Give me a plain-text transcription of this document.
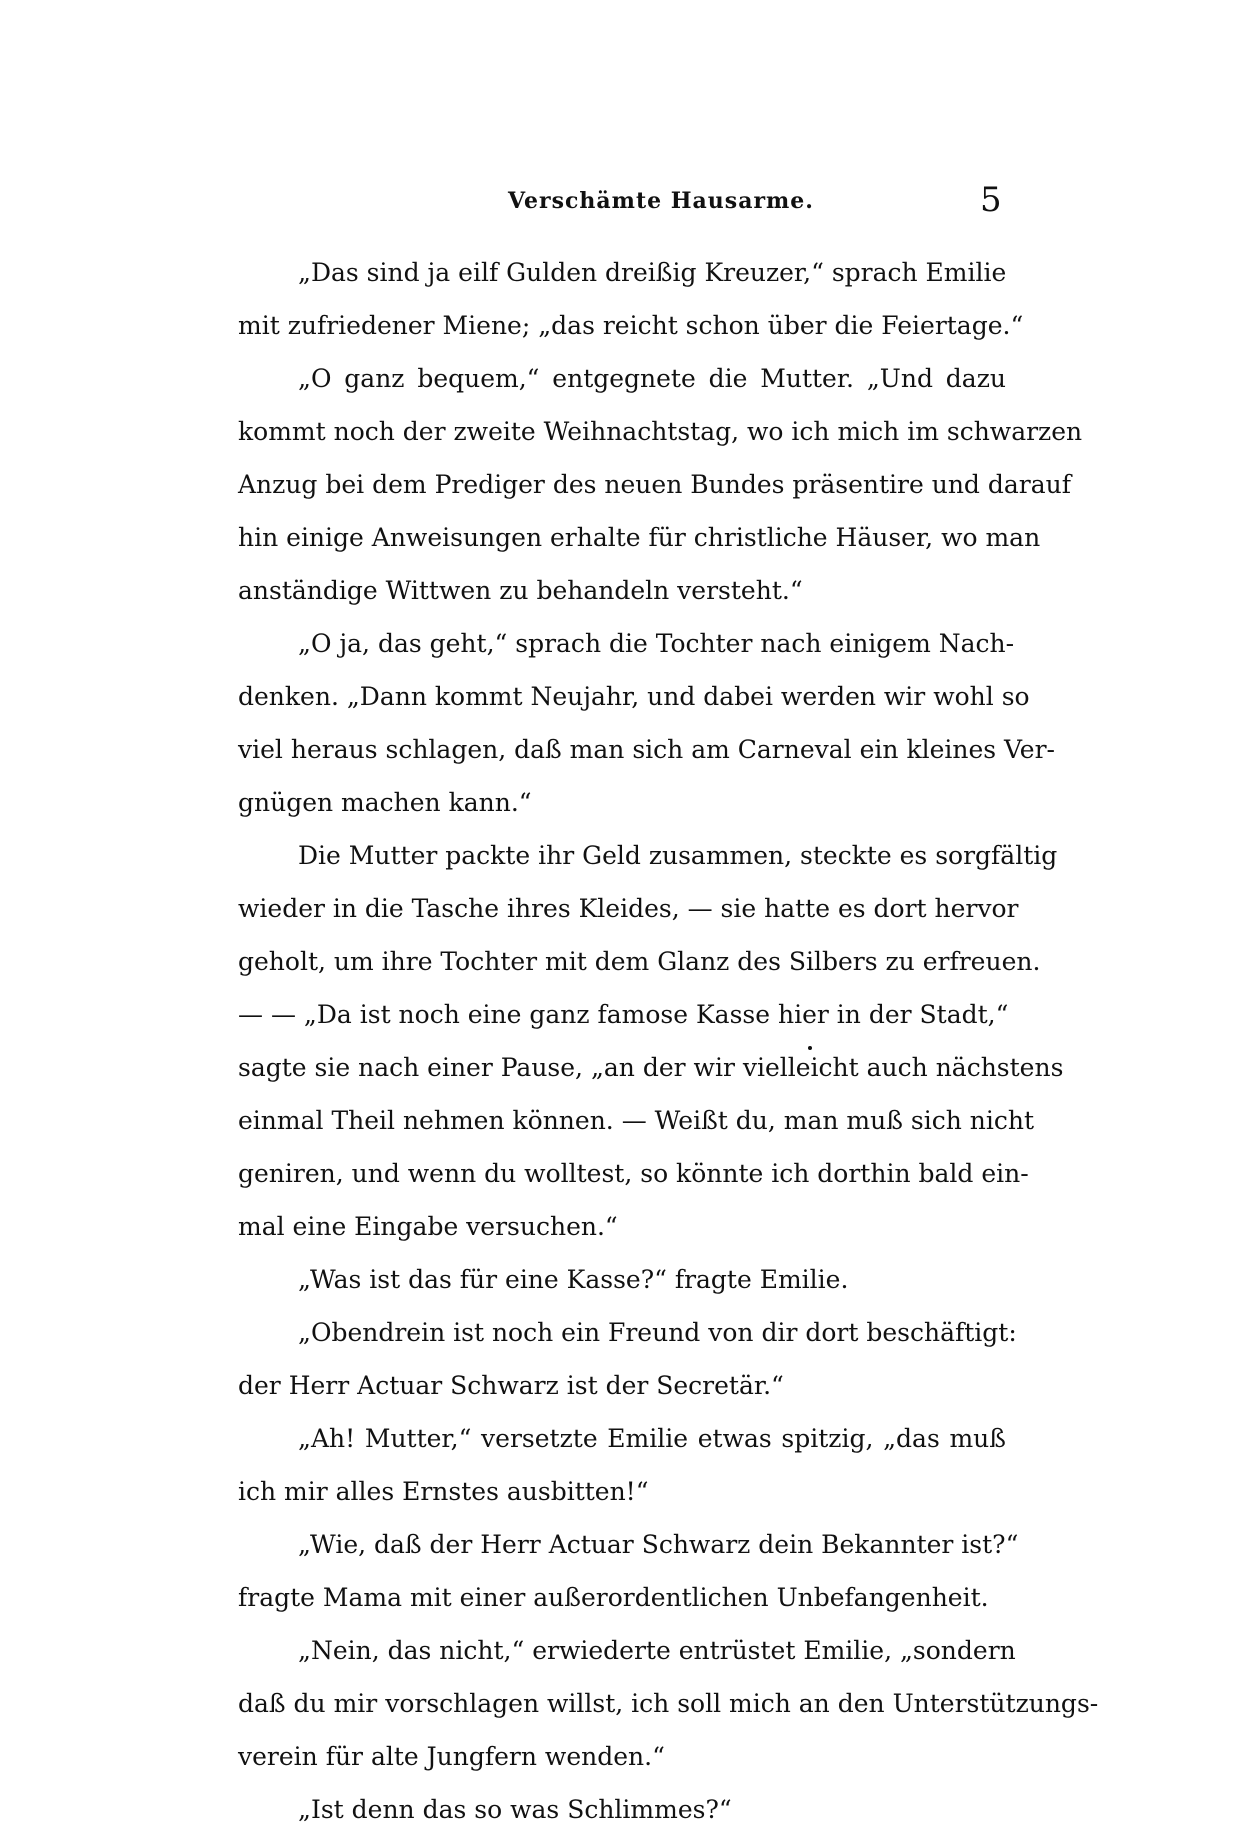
Verschämte Hausarme.	5
„Das sind ja eilf Gulden dreißig Kreuzer,“ sprach Emilie
mit zufriedener Miene; „das reicht schon über die Feiertage.“
„O ganz bequem,“ entgegnete die Mutter. „Und dazu
kommt noch der zweite Weihnachtstag, wo ich mich im schwarzen
Anzug bei dem Prediger des neuen Bundes präsentire und darauf
hin einige Anweisungen erhalte für christliche Häuser, wo man
anständige Wittwen zu behandeln versteht.“
„O ja, das geht,“ sprach die Tochter nach einigem Nach-
denken. „Dann kommt Neujahr, und dabei werden wir wohl so
viel heraus schlagen, daß man sich am Carneval ein kleines Ver-
gnügen machen kann.“
Die Mutter packte ihr Geld zusammen, steckte es sorgfältig
wieder in die Tasche ihres Kleides, — sie hatte es dort hervor
geholt, um ihre Tochter mit dem Glanz des Silbers zu erfreuen.
— — „Da ist noch eine ganz famose Kasse hier in der Stadt,“
sagte sie nach einer Pause, „an der wir vielleicht auch nächstens
einmal Theil nehmen können. — Weißt du, man muß sich nicht
geniren, und wenn du wolltest, so könnte ich dorthin bald ein-
mal eine Eingabe versuchen.“
„Was ist das für eine Kasse?“ fragte Emilie.
„Obendrein ist noch ein Freund von dir dort beschäftigt:
der Herr Actuar Schwarz ist der Secretär.“
„Ah! Mutter,“ versetzte Emilie etwas spitzig, „das muß
ich mir alles Ernstes ausbitten!“
„Wie, daß der Herr Actuar Schwarz dein Bekannter ist?“
fragte Mama mit einer außerordentlichen Unbefangenheit.
„Nein, das nicht,“ erwiederte entrüstet Emilie, „sondern
daß du mir vorschlagen willst, ich soll mich an den Unterstützungs-
verein für alte Jungfern wenden.“
„Ist denn das so was Schlimmes?“
